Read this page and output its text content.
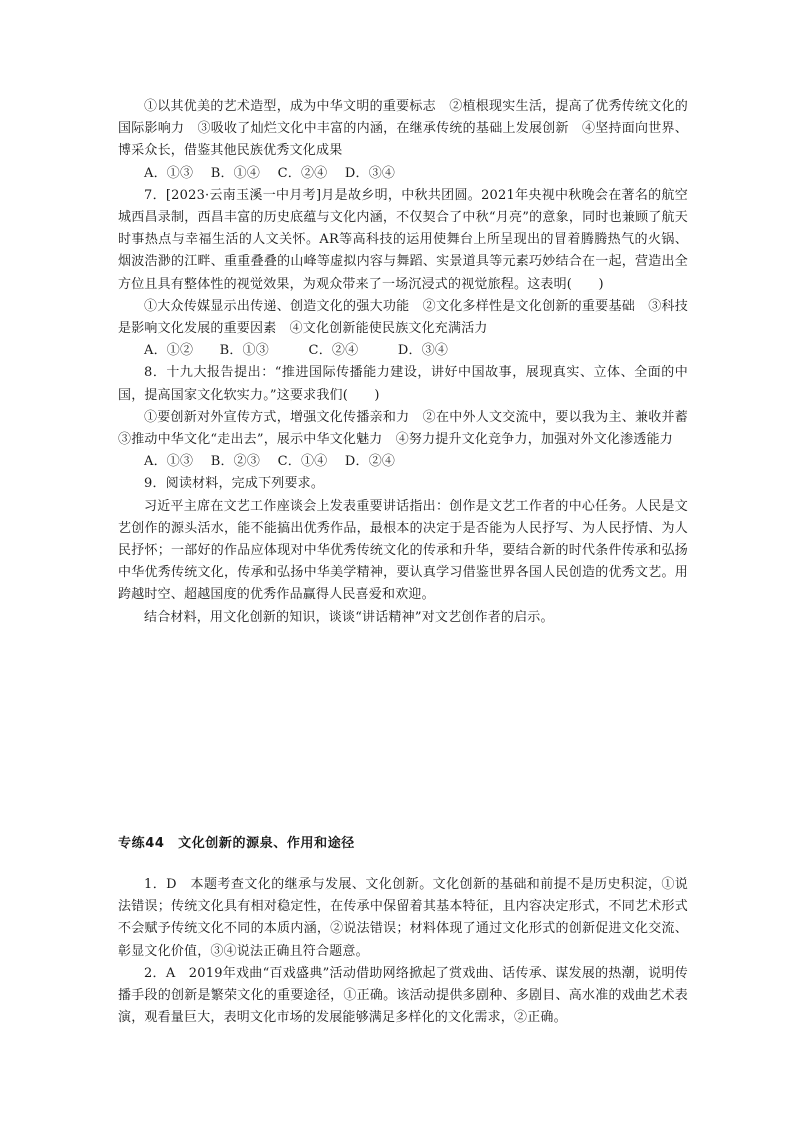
①以其优美的艺术造型，成为中华文明的重要标志　②植根现实生活，提高了优秀传统文化的国际影响力　③吸收了灿烂文化中丰富的内涵，在继承传统的基础上发展创新　④坚持面向世界、博采众长，借鉴其他民族优秀文化成果

A．①③　 B．①④　 C．②④　 D．③④

7．[2023·云南玉溪一中月考]月是故乡明，中秋共团圆。2021年央视中秋晚会在著名的航空城西昌录制，西昌丰富的历史底蕴与文化内涵，不仅契合了中秋“月亮”的意象，同时也兼顾了航天时事热点与幸福生活的人文关怀。AR等高科技的运用使舞台上所呈现出的冒着腾腾热气的火锅、烟波浩渺的江畔、重重叠叠的山峰等虚拟内容与舞蹈、实景道具等元素巧妙结合在一起，营造出全方位且具有整体性的视觉效果，为观众带来了一场沉浸式的视觉旅程。这表明(　　)

①大众传媒显示出传递、创造文化的强大功能　②文化多样性是文化创新的重要基础　③科技是影响文化发展的重要因素　④文化创新能使民族文化充满活力

A．①②　　B．①③　　　C．②④　　　D．③④

8．十九大报告提出：“推进国际传播能力建设，讲好中国故事，展现真实、立体、全面的中国，提高国家文化软实力。”这要求我们(　　)

①要创新对外宣传方式，增强文化传播亲和力　②在中外人文交流中，要以我为主、兼收并蓄　③推动中华文化“走出去”，展示中华文化魅力　④努力提升文化竞争力，加强对外文化渗透能力

A．①③　 B．②③　 C．①④　 D．②④

9．阅读材料，完成下列要求。

习近平主席在文艺工作座谈会上发表重要讲话指出：创作是文艺工作者的中心任务。人民是文艺创作的源头活水，能不能搞出优秀作品，最根本的决定于是否能为人民抒写、为人民抒情、为人民抒怀；一部好的作品应体现对中华优秀传统文化的传承和升华，要结合新的时代条件传承和弘扬中华优秀传统文化，传承和弘扬中华美学精神，要认真学习借鉴世界各国人民创造的优秀文艺。用跨越时空、超越国度的优秀作品赢得人民喜爱和欢迎。

结合材料，用文化创新的知识，谈谈“讲话精神”对文艺创作者的启示。

专练44　文化创新的源泉、作用和途径

1．D　本题考查文化的继承与发展、文化创新。文化创新的基础和前提不是历史积淀，①说法错误；传统文化具有相对稳定性，在传承中保留着其基本特征，且内容决定形式，不同艺术形式不会赋予传统文化不同的本质内涵，②说法错误；材料体现了通过文化形式的创新促进文化交流、彰显文化价值，③④说法正确且符合题意。

2．A　2019年戏曲“百戏盛典”活动借助网络掀起了赏戏曲、话传承、谋发展的热潮，说明传播手段的创新是繁荣文化的重要途径，①正确。该活动提供多剧种、多剧目、高水准的戏曲艺术表演，观看量巨大，表明文化市场的发展能够满足多样化的文化需求，②正确。
